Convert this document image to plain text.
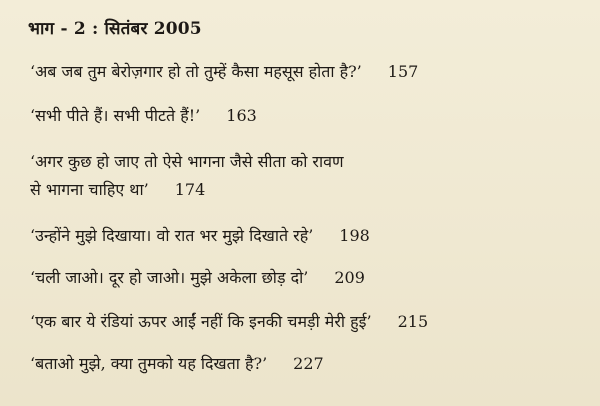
भाग - 2 : सितंबर 2005
‘अब जब तुम बेरोज़गार हो तो तुम्हें कैसा महसूस होता है?’ 157
‘सभी पीते हैं। सभी पीटते हैं!’ 163
‘अगर कुछ हो जाए तो ऐसे भागना जैसे सीता को रावण
से भागना चाहिए था’ 174
‘उन्होंने मुझे दिखाया। वो रात भर मुझे दिखाते रहे’ 198
‘चली जाओ। दूर हो जाओ। मुझे अकेला छोड़ दो’ 209
‘एक बार ये रंडियां ऊपर आईं नहीं कि इनकी चमड़ी मेरी हुई’ 215
‘बताओ मुझे, क्या तुमको यह दिखता है?’ 227
